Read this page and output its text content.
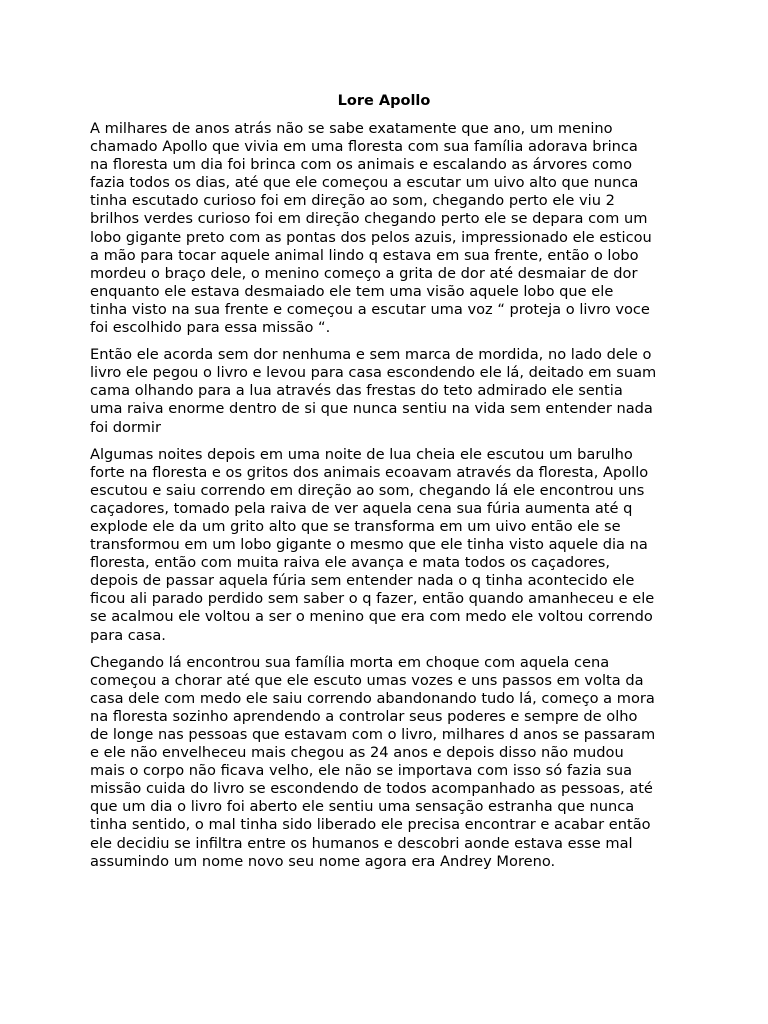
Lore Apollo

A milhares de anos atrás não se sabe exatamente que ano, um menino
chamado Apollo que vivia em uma floresta com sua família adorava brinca
na floresta um dia foi brinca com os animais e escalando as árvores como
fazia todos os dias, até que ele começou a escutar um uivo alto que nunca
tinha escutado curioso foi em direção ao som, chegando perto ele viu 2
brilhos verdes curioso foi em direção chegando perto ele se depara com um
lobo gigante preto com as pontas dos pelos azuis, impressionado ele esticou
a mão para tocar aquele animal lindo q estava em sua frente, então o lobo
mordeu o braço dele, o menino começo a grita de dor até desmaiar de dor
enquanto ele estava desmaiado ele tem uma visão aquele lobo que ele
tinha visto na sua frente e começou a escutar uma voz “ proteja o livro voce
foi escolhido para essa missão “.

Então ele acorda sem dor nenhuma e sem marca de mordida, no lado dele o
livro ele pegou o livro e levou para casa escondendo ele lá, deitado em suam
cama olhando para a lua através das frestas do teto admirado ele sentia
uma raiva enorme dentro de si que nunca sentiu na vida sem entender nada
foi dormir

Algumas noites depois em uma noite de lua cheia ele escutou um barulho
forte na floresta e os gritos dos animais ecoavam através da floresta, Apollo
escutou e saiu correndo em direção ao som, chegando lá ele encontrou uns
caçadores, tomado pela raiva de ver aquela cena sua fúria aumenta até q
explode ele da um grito alto que se transforma em um uivo então ele se
transformou em um lobo gigante o mesmo que ele tinha visto aquele dia na
floresta, então com muita raiva ele avança e mata todos os caçadores,
depois de passar aquela fúria sem entender nada o q tinha acontecido ele
ficou ali parado perdido sem saber o q fazer, então quando amanheceu e ele
se acalmou ele voltou a ser o menino que era com medo ele voltou correndo
para casa.

Chegando lá encontrou sua família morta em choque com aquela cena
começou a chorar até que ele escuto umas vozes e uns passos em volta da
casa dele com medo ele saiu correndo abandonando tudo lá, começo a mora
na floresta sozinho aprendendo a controlar seus poderes e sempre de olho
de longe nas pessoas que estavam com o livro, milhares d anos se passaram
e ele não envelheceu mais chegou as 24 anos e depois disso não mudou
mais o corpo não ficava velho, ele não se importava com isso só fazia sua
missão cuida do livro se escondendo de todos acompanhado as pessoas, até
que um dia o livro foi aberto ele sentiu uma sensação estranha que nunca
tinha sentido, o mal tinha sido liberado ele precisa encontrar e acabar então
ele decidiu se infiltra entre os humanos e descobri aonde estava esse mal
assumindo um nome novo seu nome agora era Andrey Moreno.
